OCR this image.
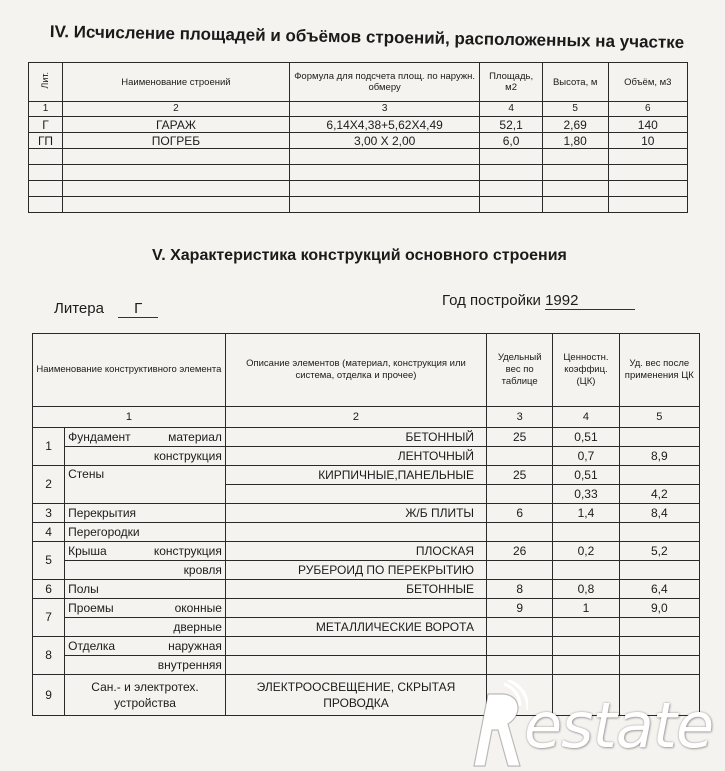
IV. Исчисление площадей и объёмов строений, расположенных на участке
Лит.	Наименование строений	Формула для подсчета площ. по наружн. обмеру	Площадь, м2	Высота, м	Объём, м3
1	2	3	4	5	6
Г	ГАРАЖ	6,14Х4,38+5,62Х4,49	52,1	2,69	140
ГП	ПОГРЕБ	3,00 Х 2,00	6,0	1,80	10

V. Характеристика конструкций основного строения
Литера Г	Год постройки 1992
Наименование конструктивного элемента		Описание элементов (материал, конструкция или система, отделка и прочее)	Удельный вес по таблице	Ценностн. коэффиц. (ЦК)	Уд. вес после применения ЦК
1		2	3	4	5
1	Фундамент материал	БЕТОННЫЙ	25	0,51	
	конструкция	ЛЕНТОЧНЫЙ		0,7	8,9
2	Стены	КИРПИЧНЫЕ,ПАНЕЛЬНЫЕ	25	0,51	
				0,33	4,2
3	Перекрытия	Ж/Б ПЛИТЫ	6	1,4	8,4
4	Перегородки				
5	Крыша конструкция	ПЛОСКАЯ	26	0,2	5,2
	кровля	РУБЕРОИД ПО ПЕРЕКРЫТИЮ			
6	Полы	БЕТОННЫЕ	8	0,8	6,4
7	Проемы оконные		9	1	9,0
	дверные	МЕТАЛЛИЧЕСКИЕ ВОРОТА			
8	Отделка наружная				

	внутренняя				
9	Сан.- и электротех. устройства	ЭЛЕКТРООСВЕЩЕНИЕ, СКРЫТАЯ ПРОВОДКА			estate
